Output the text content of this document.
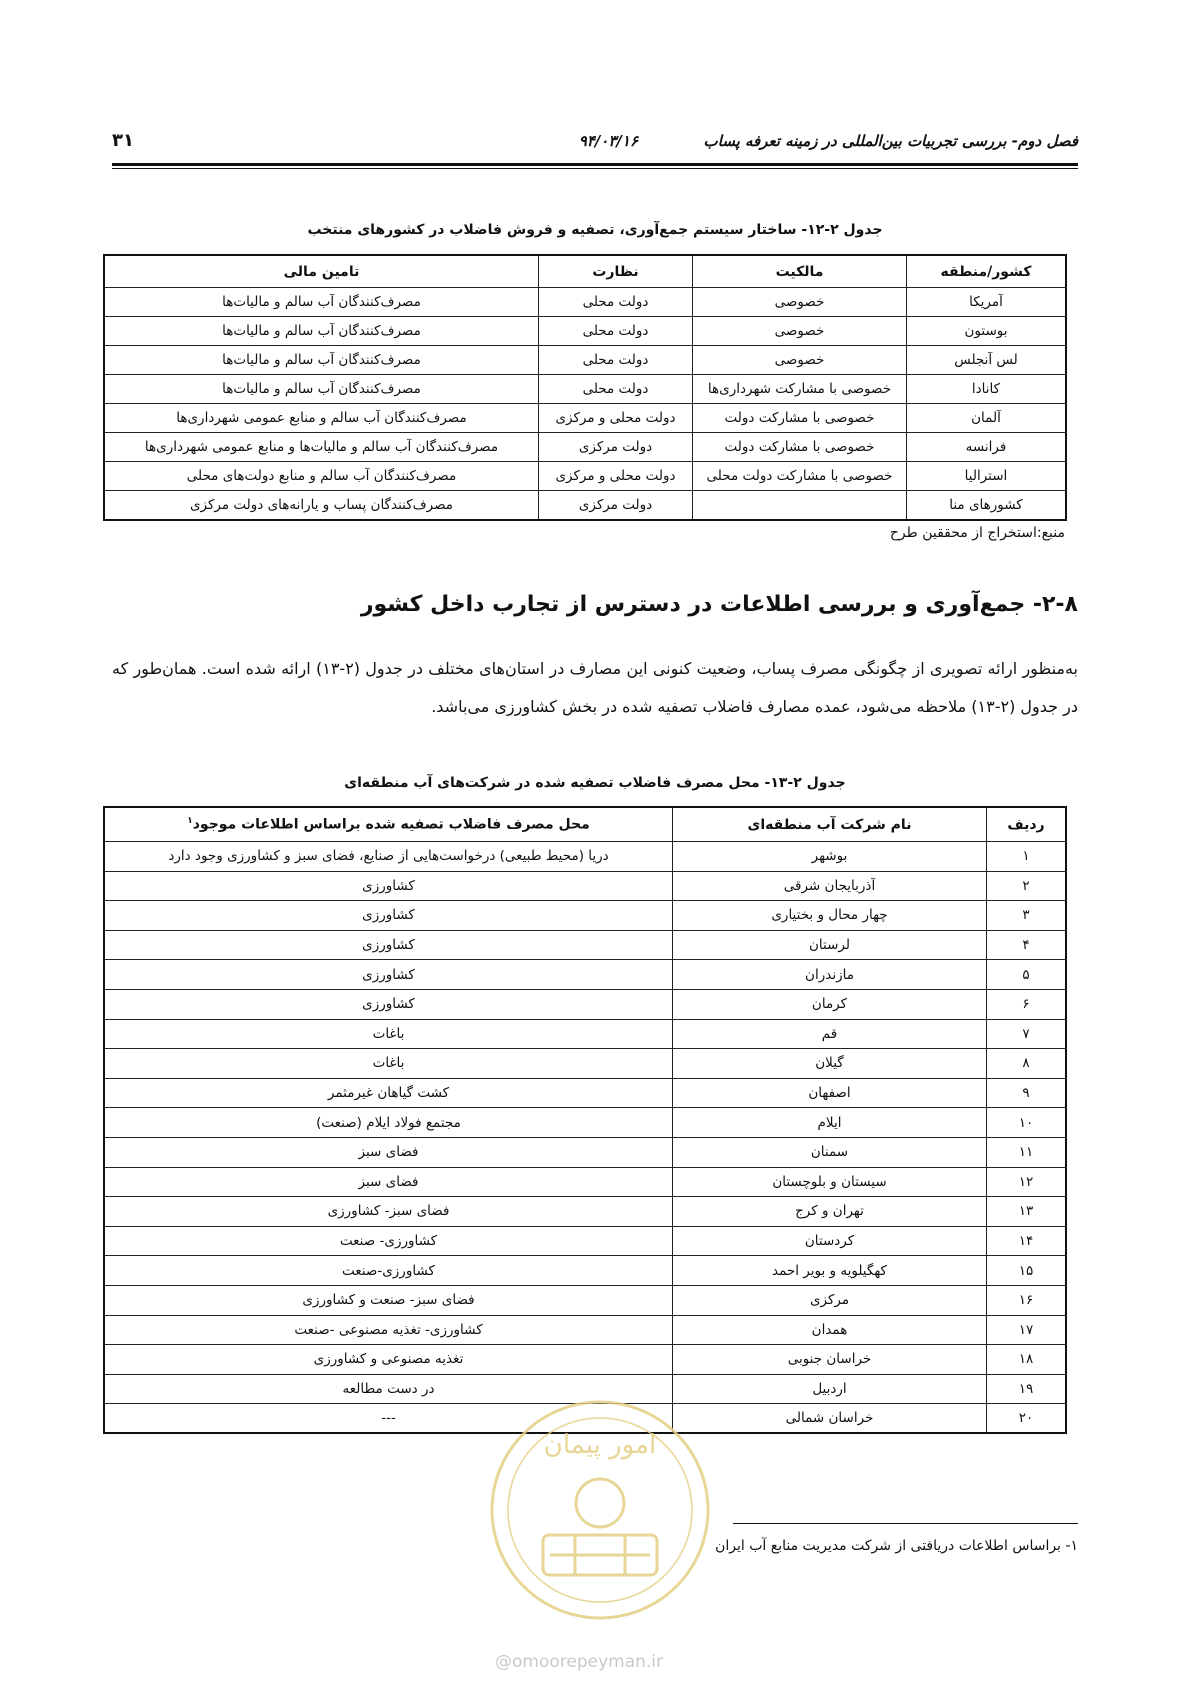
فصل دوم- بررسی تجربیات بین‌المللی در زمینه تعرفه پساب
۹۴/۰۳/۱۶
۳۱
جدول ۲-۱۲- ساختار سیستم جمع‌آوری، تصفیه و فروش فاضلاب در کشورهای منتخب
کشور/منطقه	مالکیت	نظارت	تامین مالی
آمریکا	خصوصی	دولت محلی	مصرف‌کنندگان آب سالم و مالیات‌ها
بوستون	خصوصی	دولت محلی	مصرف‌کنندگان آب سالم و مالیات‌ها
لس آنجلس	خصوصی	دولت محلی	مصرف‌کنندگان آب سالم و مالیات‌ها
کانادا	خصوصی با مشارکت شهرداری‌ها	دولت محلی	مصرف‌کنندگان آب سالم و مالیات‌ها
آلمان	خصوصی با مشارکت دولت	دولت محلی و مرکزی	مصرف‌کنندگان آب سالم و منابع عمومی شهرداری‌ها
فرانسه	خصوصی با مشارکت دولت	دولت مرکزی	مصرف‌کنندگان آب سالم و مالیات‌ها و منابع عمومی شهرداری‌ها
استرالیا	خصوصی با مشارکت دولت محلی	دولت محلی و مرکزی	مصرف‌کنندگان آب سالم و منابع دولت‌های محلی
کشورهای منا		دولت مرکزی	مصرف‌کنندگان پساب و یارانه‌های دولت مرکزی
منبع:استخراج از محققین طرح
۲-۸- جمع‌آوری و بررسی اطلاعات در دسترس از تجارب داخل کشور
به‌منظور ارائه تصویری از چگونگی مصرف پساب، وضعیت کنونی این مصارف در استان‌های مختلف در جدول (۲-۱۳) ارائه شده است. همان‌طور که در جدول (۲-۱۳) ملاحظه می‌شود، عمده مصارف فاضلاب تصفیه شده در بخش کشاورزی می‌باشد.
جدول ۲-۱۳- محل مصرف فاضلاب تصفیه شده در شرکت‌های آب منطقه‌ای
ردیف	نام شرکت آب منطقه‌ای	محل مصرف فاضلاب تصفیه شده براساس اطلاعات موجود$^۱$
۱	بوشهر	دریا (محیط طبیعی) درخواست‌هایی از صنایع، فضای سبز و کشاورزی وجود دارد
۲	آذربایجان شرقی	کشاورزی
۳	چهار محال و بختیاری	کشاورزی
۴	لرستان	کشاورزی
۵	مازندران	کشاورزی
۶	کرمان	کشاورزی
۷	قم	باغات
۸	گیلان	باغات
۹	اصفهان	کشت گیاهان غیرمثمر
۱۰	ایلام	مجتمع فولاد ایلام (صنعت)
۱۱	سمنان	فضای سبز
۱۲	سیستان و بلوچستان	فضای سبز
۱۳	تهران و کرج	فضای سبز- کشاورزی
۱۴	کردستان	کشاورزی- صنعت
۱۵	کهگیلویه و بویر احمد	کشاورزی-صنعت
۱۶	مرکزی	فضای سبز- صنعت و کشاورزی
۱۷	همدان	کشاورزی- تغذیه مصنوعی -صنعت
۱۸	خراسان جنوبی	تغذیه مصنوعی و کشاورزی
۱۹	اردبیل	در دست مطالعه
۲۰	خراسان شمالی	---
امور پیمان
۱- براساس اطلاعات دریافتی از شرکت مدیریت منابع آب ایران
@omoorepeyman.ir
